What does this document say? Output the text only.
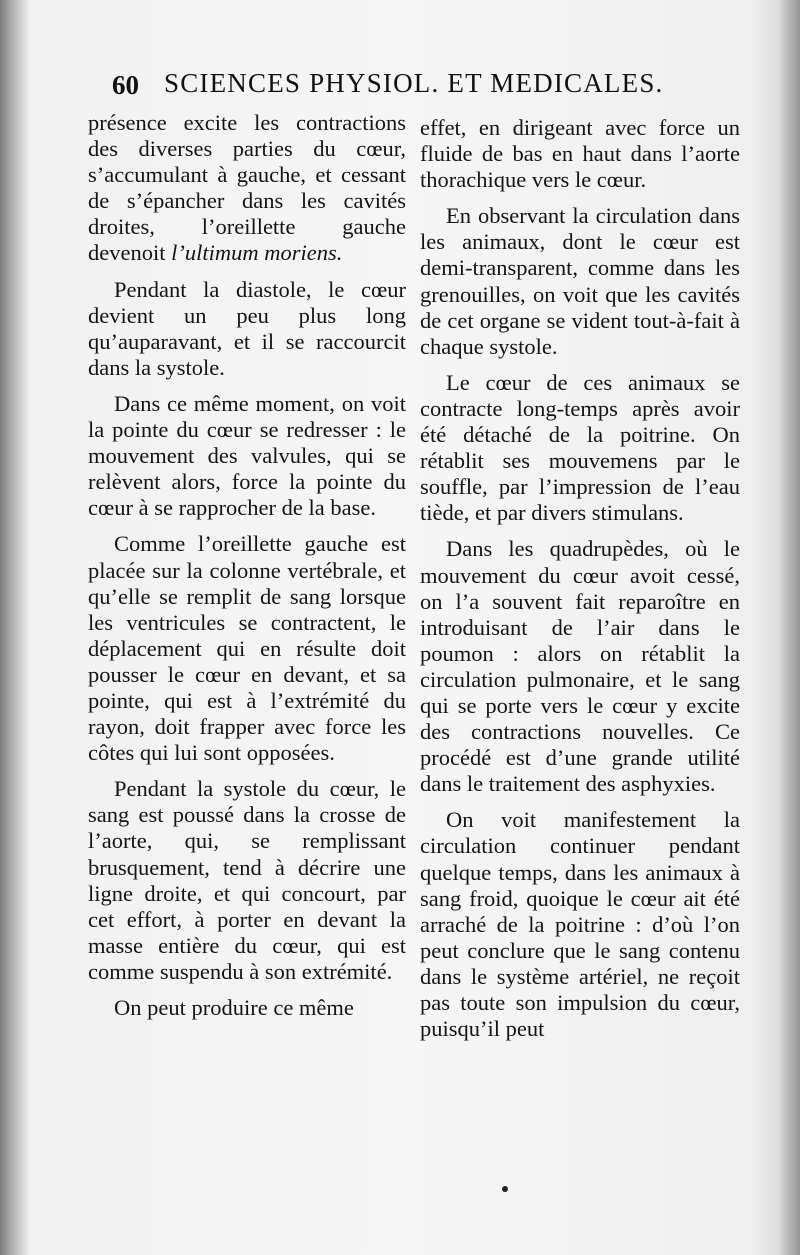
60 SCIENCES PHYSIOL. ET MEDICALES.

présence excite les contractions des diverses parties du cœur, s’accumulant à gauche, et cessant de s’épancher dans les cavités droites, l’oreillette gauche devenoit l’ultimum moriens.

Pendant la diastole, le cœur devient un peu plus long qu’auparavant, et il se raccourcit dans la systole.

Dans ce même moment, on voit la pointe du cœur se redresser : le mouvement des valvules, qui se relèvent alors, force la pointe du cœur à se rapprocher de la base.

Comme l’oreillette gauche est placée sur la colonne vertébrale, et qu’elle se remplit de sang lorsque les ventricules se contractent, le déplacement qui en résulte doit pousser le cœur en devant, et sa pointe, qui est à l’extrémité du rayon, doit frapper avec force les côtes qui lui sont opposées.

Pendant la systole du cœur, le sang est poussé dans la crosse de l’aorte, qui, se remplissant brusquement, tend à décrire une ligne droite, et qui concourt, par cet effort, à porter en devant la masse entière du cœur, qui est comme suspendu à son extrémité.

On peut produire ce même

effet, en dirigeant avec force un fluide de bas en haut dans l’aorte thorachique vers le cœur.

En observant la circulation dans les animaux, dont le cœur est demi-transparent, comme dans les grenouilles, on voit que les cavités de cet organe se vident tout-à-fait à chaque systole.

Le cœur de ces animaux se contracte long-temps après avoir été détaché de la poitrine. On rétablit ses mouvemens par le souffle, par l’impression de l’eau tiède, et par divers stimulans.

Dans les quadrupèdes, où le mouvement du cœur avoit cessé, on l’a souvent fait reparoître en introduisant de l’air dans le poumon : alors on rétablit la circulation pulmonaire, et le sang qui se porte vers le cœur y excite des contractions nouvelles. Ce procédé est d’une grande utilité dans le traitement des asphyxies.

On voit manifestement la circulation continuer pendant quelque temps, dans les animaux à sang froid, quoique le cœur ait été arraché de la poitrine : d’où l’on peut conclure que le sang contenu dans le système artériel, ne reçoit pas toute son impulsion du cœur, puisqu’il peut
